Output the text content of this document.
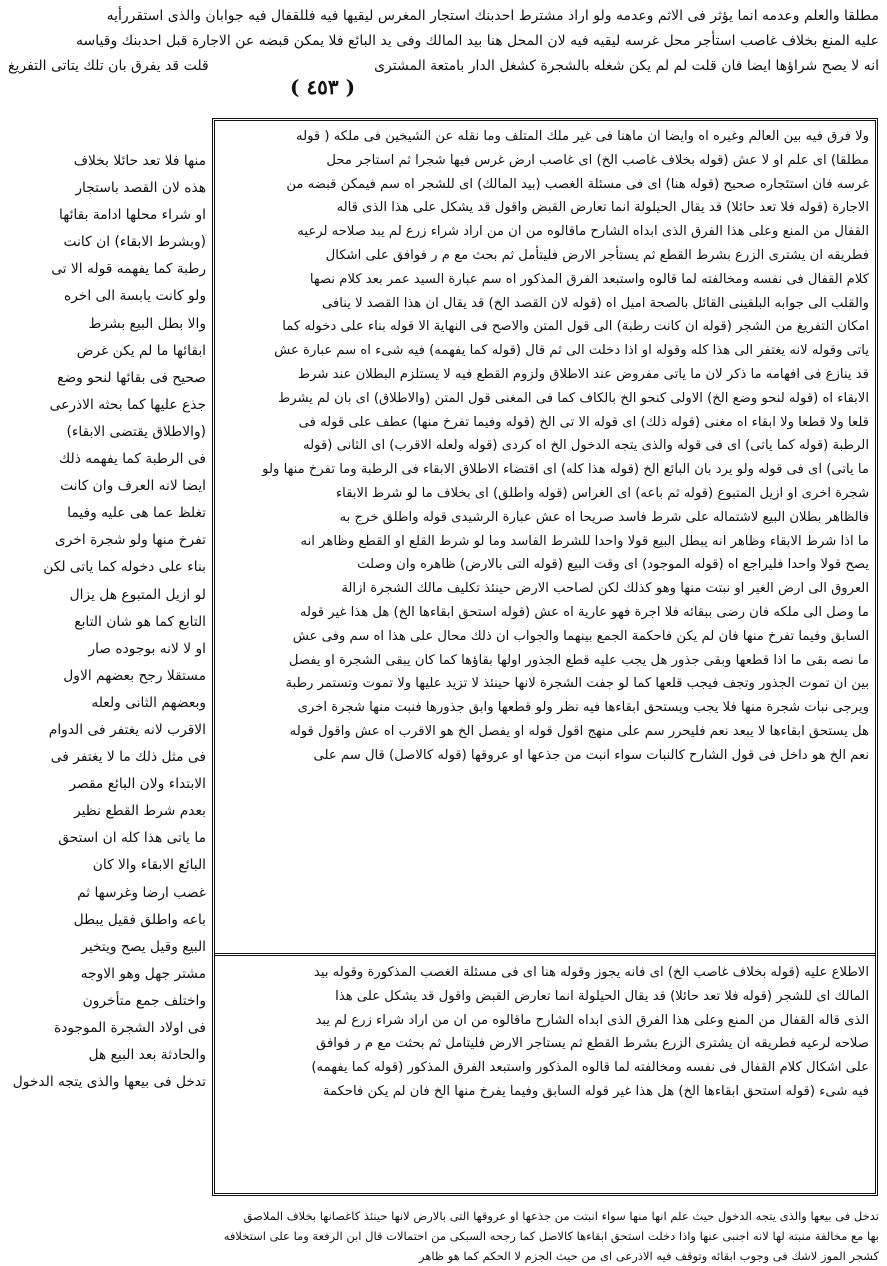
مطلقا والعلم وعدمه انما يؤثر فى الاثم وعدمه ولو اراد مشترط احدبنك استجار المغرس ليقيها فيه فللقفال فيه جوابان والذى استقررأيه
عليه المنع بخلاف غاصب استأجر محل غرسه ليقيه فيه لان المحل هنا بيد المالك وفى يد البائع فلا يمكن قبضه عن الاجارة قبل احدبنك وقياسه
انه لا يصح شراؤها ايضا فان قلت لم لم يكن شغله بالشجرة كشغل الدار بامتعة المشترى
قلت قد يفرق بان تلك يتاتى التفريغ
( ٤٥٣ )
ولا فرق فيه بين العالم وغيره اه وايضا ان ماهنا فى غير ملك المتلف وما نقله عن الشيخين فى ملكه ( قوله
مطلقا) اى علم او لا عش (قوله بخلاف غاصب الخ) اى غاصب ارض غرس فيها شجرا ثم استاجر محل
غرسه فان استئجاره صحيح (قوله هنا) اى فى مسئلة الغصب (بيد المالك) اى للشجر اه سم فيمكن قبضه من
الاجارة (قوله فلا تعد حائلا) قد يقال الحيلولة انما تعارض القبض واقول قد يشكل على هذا الذى قاله
القفال من المنع وعلى هذا الفرق الذى ابداه الشارح ماقالوه من ان من اراد شراء زرع لم يبد صلاحه لرعيه
فطريقه ان يشترى الزرع بشرط القطع ثم يستأجر الارض فليتأمل ثم بحث مع م ر فوافق على اشكال
كلام القفال فى نفسه ومخالفته لما قالوه واستبعد الفرق المذكور اه سم عبارة السيد عمر بعد كلام نصها
والقلب الى جوابه البلقينى القائل بالصحة اميل اه (قوله لان القصد الخ) قد يقال ان هذا القصد لا ينافى
امكان التفريغ من الشجر (قوله ان كانت رطبة) الى قول المتن والاصح فى النهاية الا قوله بناء على دخوله كما
ياتى وقوله لانه يغتفر الى هذا كله وقوله او اذا دخلت الى ثم قال (قوله كما يفهمه) فيه شىء اه سم عبارة عش
قد ينازع فى افهامه ما ذكر لان ما ياتى مفروض عند الاطلاق ولزوم القطع فيه لا يستلزم البطلان عند شرط
الابقاء اه (قوله لنحو وضع الخ) الاولى كنحو الخ بالكاف كما فى المغنى قول المتن (والاطلاق) اى بان لم يشرط
قلعا ولا قطعا ولا ابقاء اه مغنى (قوله ذلك) اى قوله الا تى الخ (قوله وفيما تفرخ منها) عطف على قوله فى
الرطبة (قوله كما ياتى) اى فى قوله والذى يتجه الدخول الخ اه كردى (قوله ولعله الاقرب) اى الثانى (قوله
ما ياتى) اى فى قوله ولو يرد بان البائع الخ (قوله هذا كله) اى اقتضاء الاطلاق الابقاء فى الرطبة وما تفرخ منها ولو
شجرة اخرى او ازيل المتبوع (قوله ثم باعه) اى الغراس (قوله واطلق) اى بخلاف ما لو شرط الابقاء
فالظاهر بطلان البيع لاشتماله على شرط فاسد صريحا اه عش عبارة الرشيدى قوله واطلق خرج به
ما اذا شرط الابقاء وظاهر انه يبطل البيع قولا واحدا للشرط الفاسد وما لو شرط القلع او القطع وظاهر انه
يصح قولا واحدا فليراجع اه (قوله الموجود) اى وقت البيع (قوله التى بالارض) ظاهره وان وصلت
العروق الى ارض الغير او نبتت منها وهو كذلك لكن لصاحب الارض حينئذ تكليف مالك الشجرة ازالة
ما وصل الى ملكه فان رضى ببقائه فلا اجرة فهو عارية اه عش (قوله استحق ابقاءها الخ) هل هذا غير قوله
السابق وفيما تفرخ منها فان لم يكن فاحكمة الجمع بينهما والجواب ان ذلك محال على هذا اه سم وفى عش
ما نصه بقى ما اذا قطعها وبقى جذور هل يجب عليه قطع الجذور اولها بقاؤها كما كان يبقى الشجرة او يفصل
بين ان تموت الجذور وتجف فيجب قلعها كما لو جفت الشجرة لانها حينئذ لا تزيد عليها ولا تموت وتستمر رطبة
ويرجى نبات شجرة منها فلا يجب ويستحق ابقاءها فيه نظر ولو قطعها وابق جذورها فنبت منها شجرة اخرى
هل يستحق ابقاءها لا يبعد نعم فليحرر سم على منهج اقول قوله او يفصل الخ هو الاقرب اه عش واقول قوله
نعم الخ هو داخل فى قول الشارح كالنبات سواء انبت من جذعها او عروقها (قوله كالاصل) قال سم على
الاطلاع عليه (قوله بخلاف غاصب الخ) اى فانه يجوز وقوله هنا اى فى مسئلة الغصب المذكورة وقوله بيد
المالك اى للشجر (قوله فلا تعد حائلا) قد يقال الحيلولة انما تعارض القبض واقول قد يشكل على هذا
الذى قاله القفال من المنع وعلى هذا الفرق الذى ابداه الشارح ماقالوه من ان من اراد شراء زرع لم يبد
صلاحه لرعيه فطريقه ان يشترى الزرع بشرط القطع ثم يستاجر الارض فليتامل ثم بحثت مع م ر فوافق
على اشكال كلام القفال فى نفسه ومخالفته لما قالوه المذكور واستبعد الفرق المذكور (قوله كما يفهمه)
فيه شىء (قوله استحق ابقاءها الخ) هل هذا غير قوله السابق وفيما يفرخ منها الخ فان لم يكن فاحكمة
منها فلا تعد حائلا بخلاف
هذه لان القصد باستجار
او شراء محلها ادامة بقائها
(وبشرط الابقاء) ان كانت
رطبة كما يفهمه قوله الا تى
ولو كانت يابسة الى اخره
والا بطل البيع بشرط
ابقائها ما لم يكن غرض
صحيح فى بقائها لنحو وضع
جذع عليها كما بحثه الاذرعى
(والاطلاق يقتضى الابقاء)
فى الرطبة كما يفهمه ذلك
ايضا لانه العرف وان كانت
تغلظ عما هى عليه وفيما
تفرخ منها ولو شجرة اخرى
بناء على دخوله كما ياتى لكن
لو ازيل المتبوع هل يزال
التابع كما هو شان التابع
او لا لانه بوجوده صار
مستقلا رجح بعضهم الاول
وبعضهم الثانى ولعله
الاقرب لانه يغتفر فى الدوام
فى مثل ذلك ما لا يغتفر فى
الابتداء ولان البائع مقصر
بعدم شرط القطع نظير
ما ياتى هذا كله ان استحق
البائع الابقاء والا كان
غصب ارضا وغرسها ثم
باعه واطلق فقيل يبطل
البيع وقيل يصح ويتخير
مشتر جهل وهو الاوجه
واختلف جمع متأخرون
فى اولاد الشجرة الموجودة
والحادثة بعد البيع هل
تدخل فى بيعها والذى يتجه الدخول
تدخل فى بيعها والذى يتجه الدخول حيث علم انها منها سواء انبتت من جذعها او عروقها التى بالارض لانها حينئذ كاغصانها بخلاف الملاصق
بها مع مخالفة منبته لها لانه اجنبى عنها واذا دخلت استحق ابقاءها كالاصل كما رجحه السبكى من احتمالات قال ابن الرفعة وما على استخلافه
كشجر الموز لاشك فى وجوب ابقائه وتوقف فيه الاذرعى اى من حيث الجزم لا الحكم كما هو ظاهر
